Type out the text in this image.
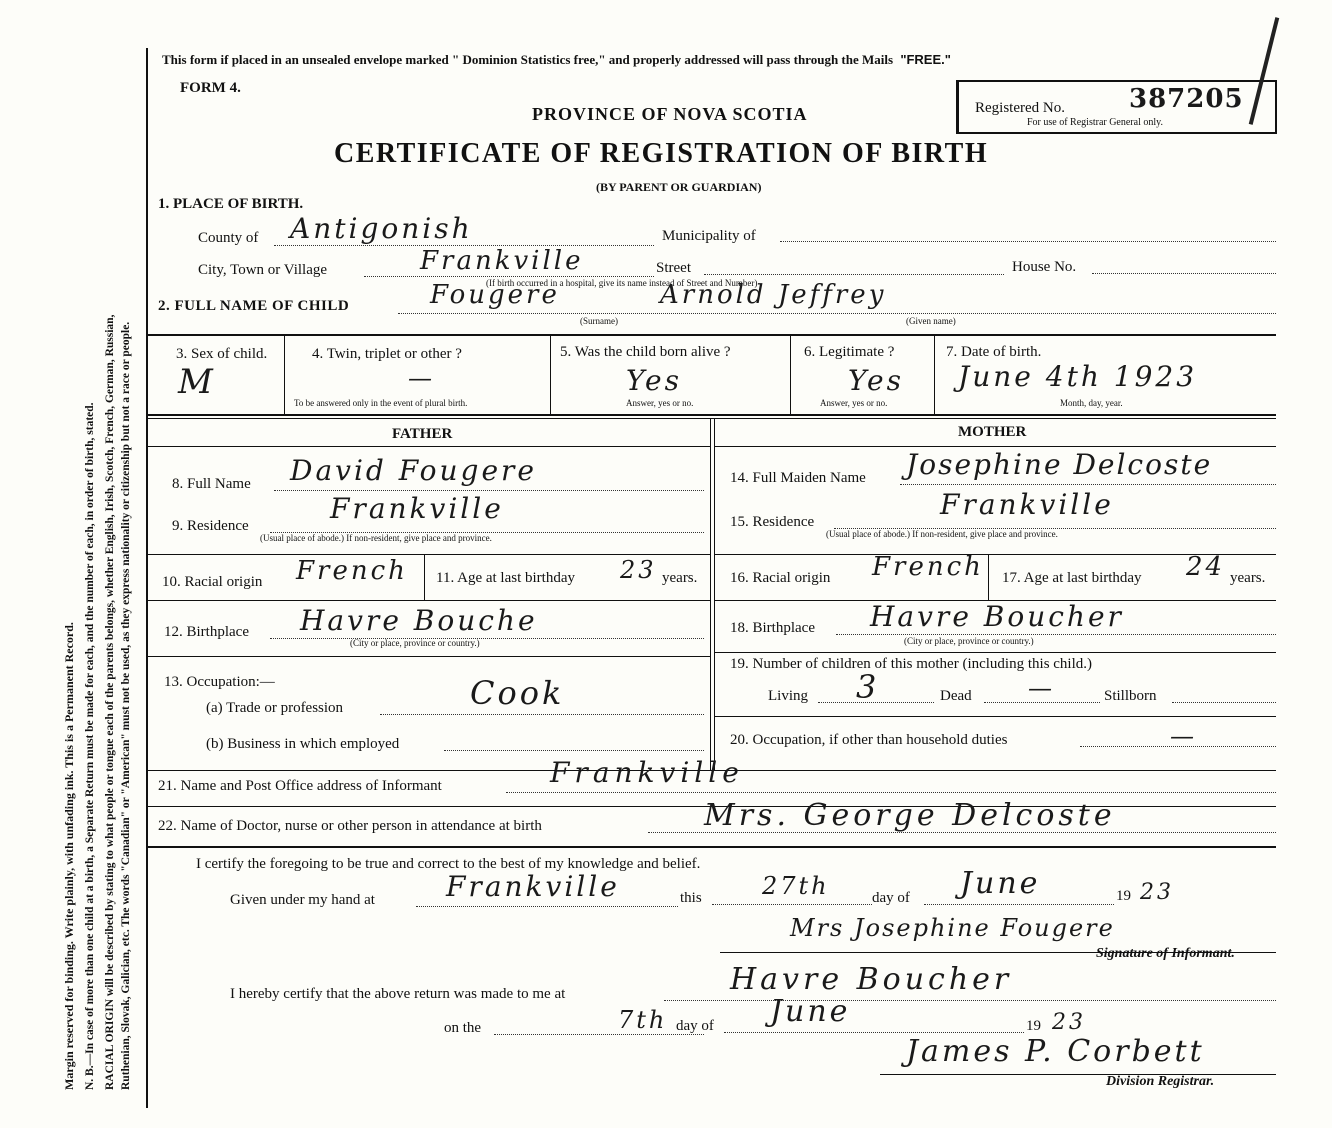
Margin reserved for binding. Write plainly, with unfading ink. This is a Permanent Record. N. B.—In case of more than one child at a birth, a Separate Return must be made for each, and the number of each, in order of birth, stated. RACIAL ORIGIN will be described by stating to what people or tongue each of the parents belongs, whether English, Irish, Scotch, French, German, Russian, Ruthenian, Slovak, Galician, etc. The words "Canadian" or "American" must not be used, as they express nationality or citizenship but not a race or people.
This form if placed in an unsealed envelope marked " Dominion Statistics free," and properly addressed will pass through the Mails "FREE."
FORM 4.
Registered No. 387205
For use of Registrar General only.
PROVINCE OF NOVA SCOTIA
CERTIFICATE OF REGISTRATION OF BIRTH
(BY PARENT OR GUARDIAN)
1. PLACE OF BIRTH.
County of Antigonish	Municipality of
City, Town or Village	Frankville	Street
(If birth occurred in a hospital, give its name instead of Street and Number)
House No.
2. FULL NAME OF CHILD	Fougere	Arnold Jeffrey
(Surname)	(Given name)
3. Sex of child.
M
4. Twin, triplet or other ?
—
To be answered only in the event of plural birth.
5. Was the child born alive ?
Yes
Answer, yes or no.
6. Legitimate ?
Yes
Answer, yes or no.
7. Date of birth.
June 4th 1923
Month, day, year.
FATHER	MOTHER
8. Full Name David Fougere
9. Residence
Frankville
(Usual place of abode.) If non-resident, give place and province.
10. Racial origin French 11. Age at last birthday 23 years.
12. Birthplace Havre Bouche
(City or place, province or country.)
13. Occupation:—
(a) Trade or profession	Cook
(b) Business in which employed
14. Full Maiden Name Josephine Delcoste
15. Residence
Frankville
(Usual place of abode.) If non-resident, give place and province.
16. Racial origin French 17. Age at last birthday 24 years.
18. Birthplace Havre Boucher
(City or place, province or country.)
19. Number of children of this mother (including this child.)
Living 3	Dead —	Stillborn
20. Occupation, if other than household duties	—
21. Name and Post Office address of Informant	Frankville
22. Name of Doctor, nurse or other person in attendance at birth	Mrs. George Delcoste
I certify the foregoing to be true and correct to the best of my knowledge and belief.
Given under my hand at	Frankville	this	27th	day of June	19 23
Mrs Josephine Fougere
Signature of Informant.
I hereby certify that the above return was made to me at	Havre Boucher
on the	7th day of June	19 23
James P. Corbett
Division Registrar.
